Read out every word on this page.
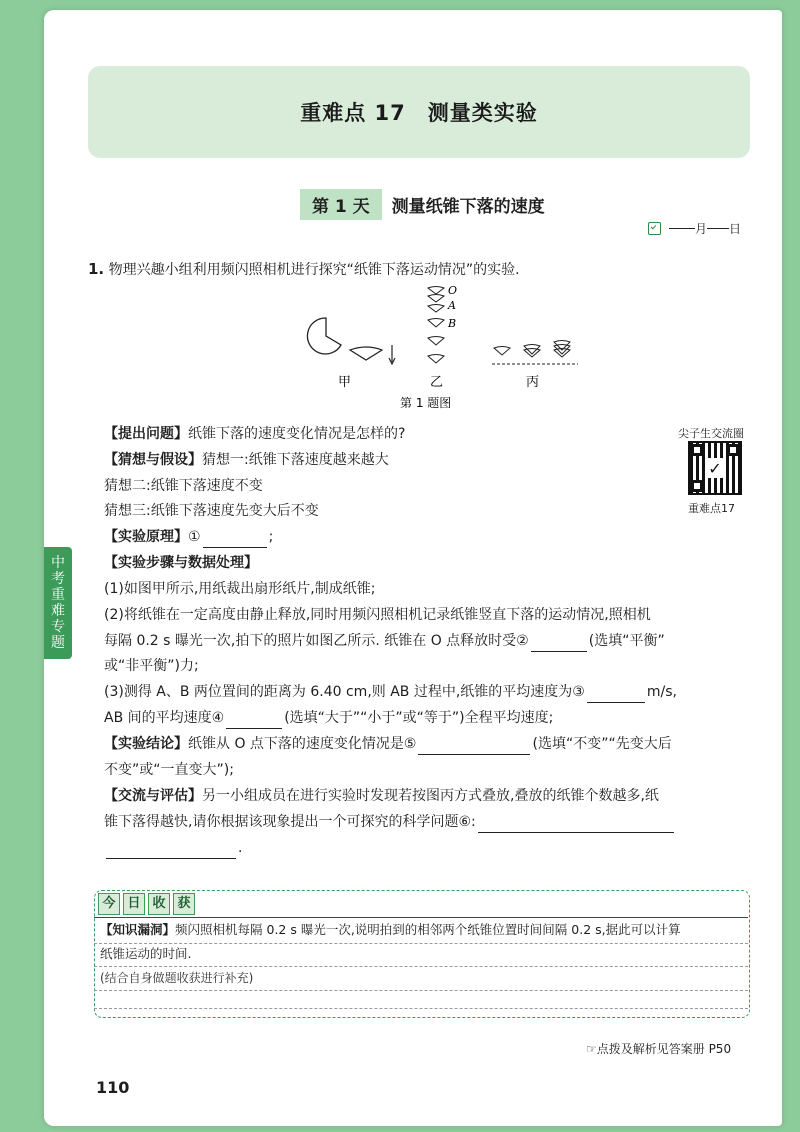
重难点 17 测量类实验
第 1 天	测量纸锥下落的速度
月 日
中
考
重
难
专
题
1. 物理兴趣小组利用频闪照相机进行探究“纸锥下落运动情况”的实验.
O
A
B
甲	乙	丙
第 1 题图
尖子生交流圈
✓
重难点17
【提出问题】纸锥下落的速度变化情况是怎样的?
【猜想与假设】猜想一:纸锥下落速度越来越大
猜想二:纸锥下落速度不变
猜想三:纸锥下落速度先变大后不变
【实验原理】①	;
【实验步骤与数据处理】
(1)如图甲所示,用纸裁出扇形纸片,制成纸锥;
(2)将纸锥在一定高度由静止释放,同时用频闪照相机记录纸锥竖直下落的运动情况,照相机
每隔 0.2 s 曝光一次,拍下的照片如图乙所示. 纸锥在 O 点释放时受②	(选填“平衡”
或“非平衡”)力;
(3)测得 A、B 两位置间的距离为 6.40 cm,则 AB 过程中,纸锥的平均速度为③	m/s,
AB 间的平均速度④	(选填“大于”“小于”或“等于”)全程平均速度;
【实验结论】纸锥从 O 点下落的速度变化情况是⑤	(选填“不变”“先变大后
不变”或“一直变大”);
【交流与评估】另一小组成员在进行实验时发现若按图丙方式叠放,叠放的纸锥个数越多,纸
锥下落得越快,请你根据该现象提出一个可探究的科学问题⑥:
.
今 日 收 获
【知识漏洞】频闪照相机每隔 0.2 s 曝光一次,说明拍到的相邻两个纸锥位置时间间隔 0.2 s,据此可以计算
纸锥运动的时间.
(结合自身做题收获进行补充)
☞点拨及解析见答案册 P50
110
